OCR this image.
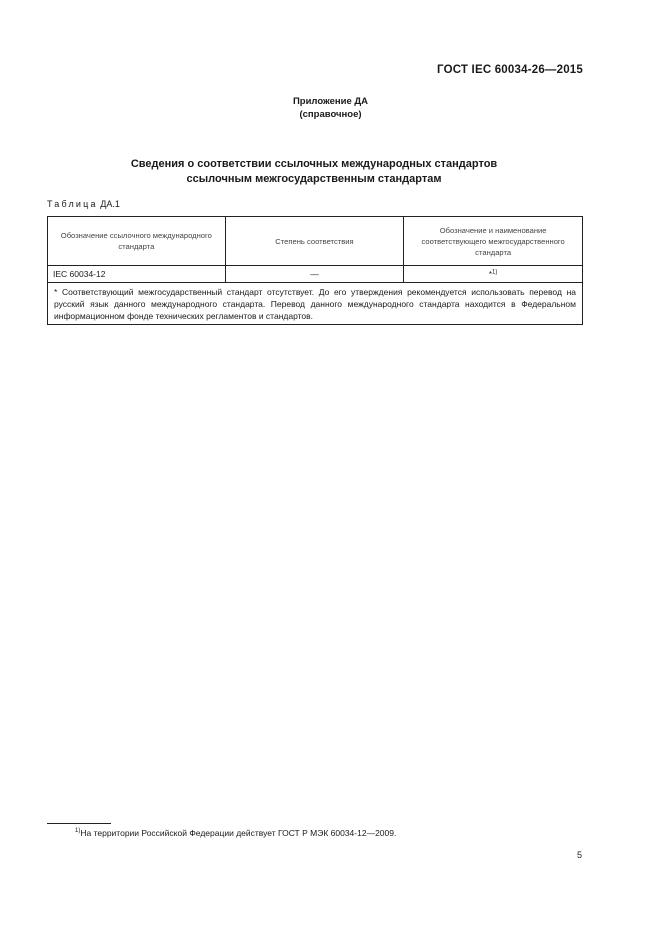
ГОСТ IEC 60034-26—2015
Приложение ДА
(справочное)
Сведения о соответствии ссылочных международных стандартов
ссылочным межгосударственным стандартам
Таблица ДА.1
Обозначение ссылочного международного стандарта	Степень соответствия	Обозначение и наименование соответствующего межгосударственного стандарта
IEC 60034-12	—	*$^{1)}$
* Соответствующий межгосударственный стандарт отсутствует. До его утверждения рекомендуется использовать перевод на русский язык данного международного стандарта. Перевод данного международного стандарта находится в Федеральном информационном фонде технических регламентов и стандартов.		
$^{1)}$На территории Российской Федерации действует ГОСТ Р МЭК 60034-12—2009.
5
